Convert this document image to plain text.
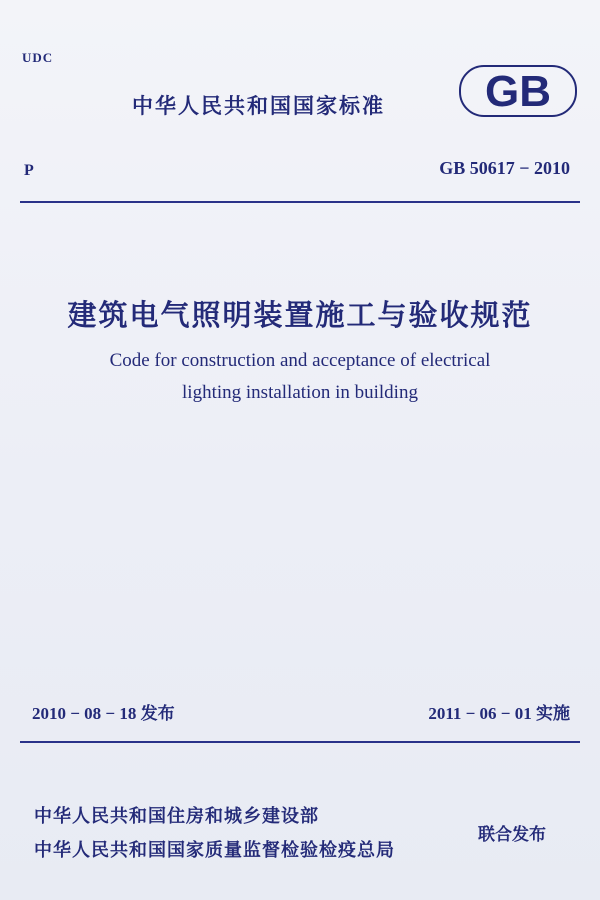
UDC
中华人民共和国国家标准 GB
P	GB 50617 − 2010
建筑电气照明装置施工与验收规范
Code for construction and acceptance of electrical
lighting installation in building
2010 − 08 − 18 发布	2011 − 06 − 01 实施
中华人民共和国住房和城乡建设部
中华人民共和国国家质量监督检验检疫总局
联合发布
